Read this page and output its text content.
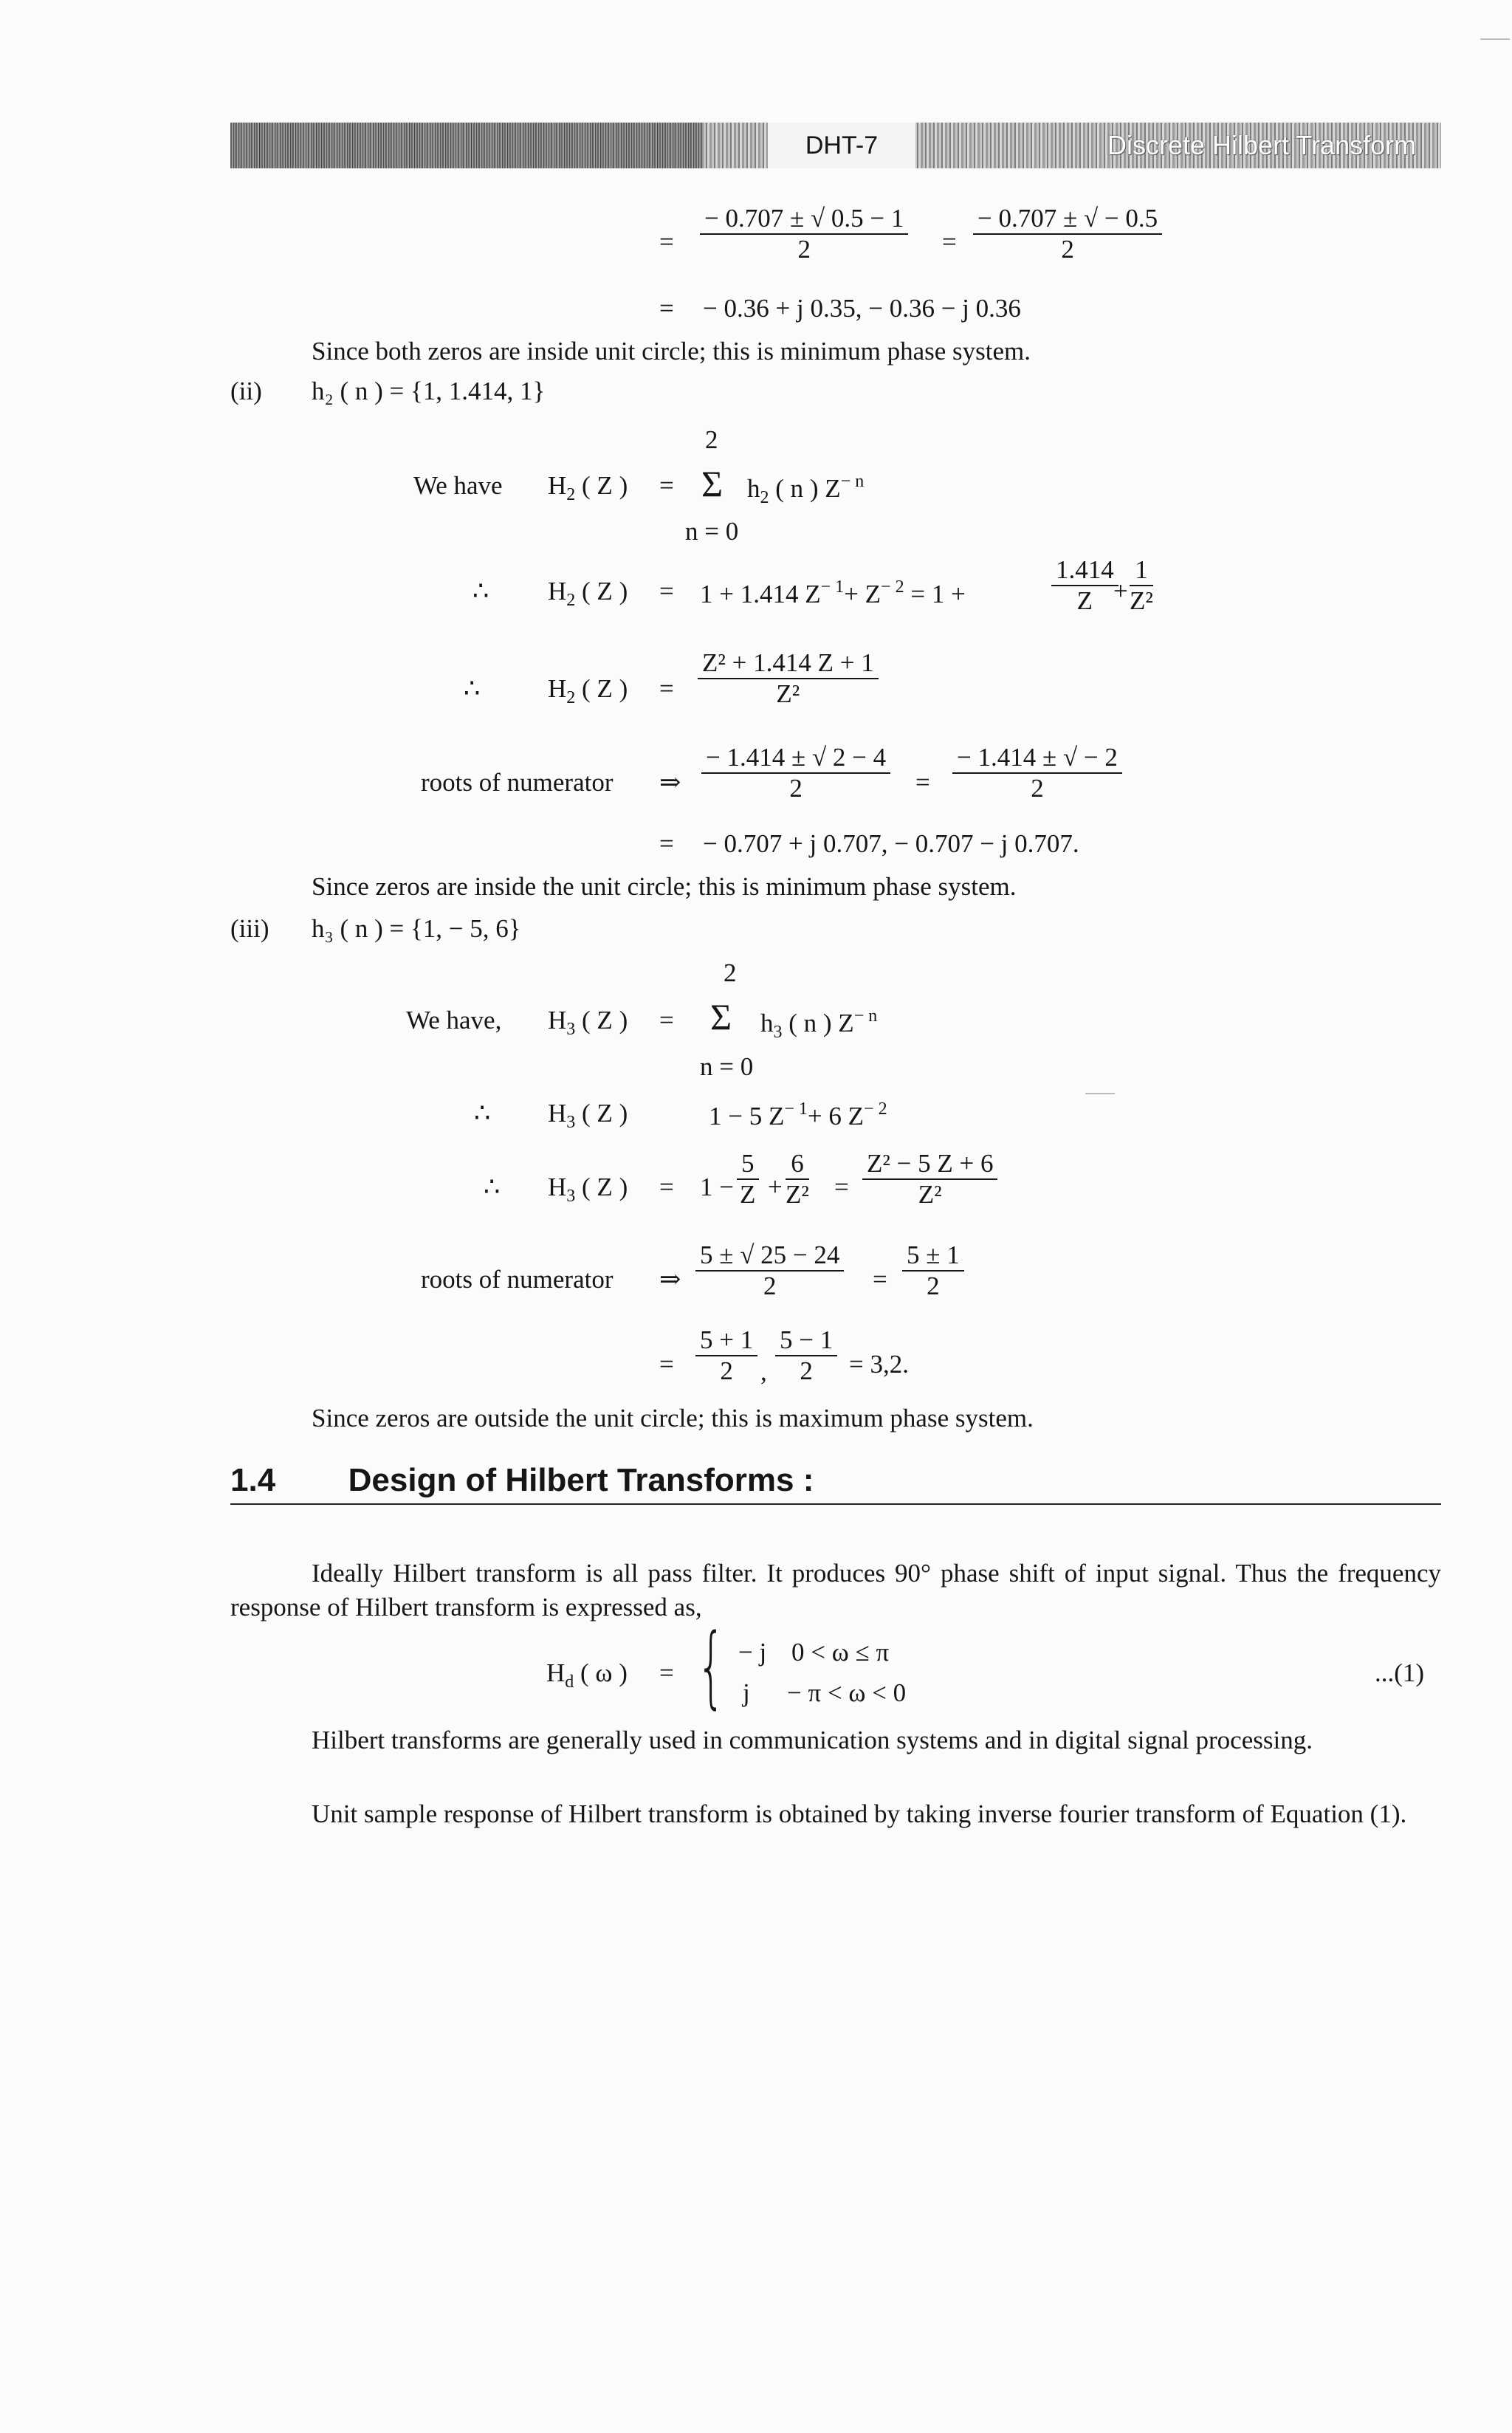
DHT-7	Discrete Hilbert Transform
=
− 0.707 ± √ 0.5 − 1
2	=
− 0.707 ± √ − 0.5
2
= − 0.36 + j 0.35, − 0.36 − j 0.36
Since both zeros are inside unit circle; this is minimum phase system.
(ii) h₂ ( n ) = {1, 1.414, 1}
2
We have $H_2$ ( Z ) = Σ $h_2$ ( n ) $Z^{- n}$
n = 0
∴ $H_2$ ( Z ) = 1 + 1.414 $Z^{- 1}+ Z^{- 2} = 1$ +
1.414
Z +
1
Z²
∴	$H_2$ ( Z ) =
Z² + 1.414 Z + 1
Z²
roots of numerator ⇒
− 1.414 ± √ 2 − 4
2	=
− 1.414 ± √ − 2
2
= − 0.707 + j 0.707, − 0.707 − j 0.707.
Since zeros are inside the unit circle; this is minimum phase system.
(iii) h₃ ( n ) = {1, − 5, 6}
2
We have, $H_3$ ( Z ) = Σ $h_3$ ( n ) $Z^{- n}$
n = 0
∴ $H_3$ ( Z )	1 − 5 $Z^{- 1}+ 6$ $Z^{- 2}$
∴ $H_3$ ( Z ) = 1 −
5
Z +
6
Z² =
Z² − 5 Z + 6
Z²
roots of numerator ⇒
5 ± √ 25 − 24
2	=
5 ± 1
2
=
5 + 1
2 ,
5 − 1
2 = 3,2.
Since zeros are outside the unit circle; this is maximum phase system.
1.4 Design of Hilbert Transforms :
Ideally Hilbert transform is all pass filter. It produces 90° phase shift of input signal. Thus the frequency response of Hilbert transform is expressed as,
$H_d$ ( ω ) = { − j 0 < ω ≤ π
j − π < ω < 0
...(1)
Hilbert transforms are generally used in communication systems and in digital signal processing.
Unit sample response of Hilbert transform is obtained by taking inverse fourier transform of Equation (1).
